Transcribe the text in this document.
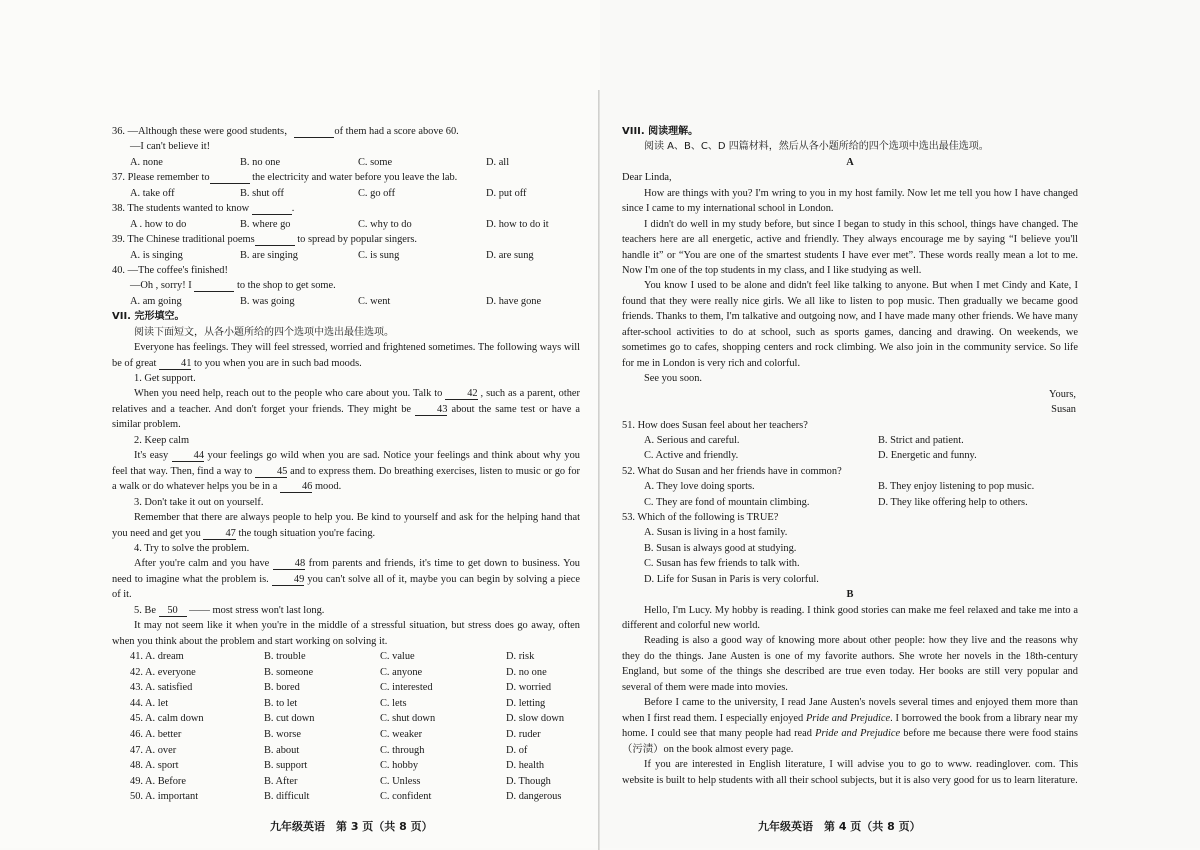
36. —Although these were good students，	of them had a score above 60.
—I can't believe it!
A. none	B. no one	C. some	D. all
37. Please remember to	the electricity and water before you leave the lab.
A. take off	B. shut off	C. go off	D. put off
38. The students wanted to know	.
A . how to do	B. where go	C. why to do	D. how to do it
39. The Chinese traditional poems	to spread by popular singers.
A. is singing	B. are singing	C. is sung	D. are sung
40. —The coffee's finished!
—Oh , sorry! I	to the shop to get some.
A. am going	B. was going	C. went	D. have gone
VII. 完形填空。
阅读下面短文，从各小题所给的四个选项中选出最佳选项。
Everyone has feelings. They will feel stressed, worried and frightened sometimes. The following ways will be of great 41 to you when you are in such bad moods.
1. Get support.
When you need help, reach out to the people who care about you. Talk to 42 , such as a parent, other relatives and a teacher. And don't forget your friends. They might be	43 about the same test or have a similar problem.
2. Keep calm
It's easy 44 your feelings go wild when you are sad. Notice your feelings and think about why you feel that way. Then, find a way to 45 and to express them. Do breathing exercises, listen to music or go for a walk or do whatever helps you be in a 46 mood.
3. Don't take it out on yourself.
Remember that there are always people to help you. Be kind to yourself and ask for the helping hand that you need and get you 47 the tough situation you're facing.
4. Try to solve the problem.
After you're calm and you have 48 from parents and friends, it's time to get down to business. You need to imagine what the problem is. 49 you can't solve all of it, maybe you can begin by solving a piece of it.
5. Be 50 —— most stress won't last long.
It may not seem like it when you're in the middle of a stressful situation, but stress does go away, often when you think about the problem and start working on solving it.
41. A. dream	B. trouble	C. value	D. risk
42. A. everyone	B. someone	C. anyone	D. no one
43. A. satisfied	B. bored	C. interested	D. worried
44. A. let	B. to let	C. lets	D. letting
45. A. calm down	B. cut down	C. shut down	D. slow down
46. A. better	B. worse	C. weaker	D. ruder
47. A. over	B. about	C. through	D. of
48. A. sport	B. support	C. hobby	D. health
49. A. Before	B. After	C. Unless	D. Though
50. A. important	B. difficult	C. confident	D. dangerous
九年级英语　第 3 页（共 8 页）
VIII. 阅读理解。
阅读 A、B、C、D 四篇材料，然后从各小题所给的四个选项中选出最佳选项。
A
Dear Linda,
How are things with you? I'm wring to you in my host family. Now let me tell you how I have changed since I came to my international school in London.
I didn't do well in my study before, but since I began to study in this school, things have changed. The teachers here are all energetic, active and friendly. They always encourage me by saying “I believe you'll handle it” or “You are one of the smartest students I have ever met”. These words really mean a lot to me. Now I'm one of the top students in my class, and I like studying as well.
You know I used to be alone and didn't feel like talking to anyone. But when I met Cindy and Kate, I found that they were really nice girls. We all like to listen to pop music. Then gradually we became good friends. Thanks to them, I'm talkative and outgoing now, and I have made many other friends. We have many after-school activities to do at school, such as sports games, dancing and drawing. On weekends, we sometimes go to cafes, shopping centers and rock climbing. We also join in the community service. So life for me in London is very rich and colorful.
See you soon.
Yours,
Susan
51. How does Susan feel about her teachers?
A. Serious and careful.	B. Strict and patient.
C. Active and friendly.	D. Energetic and funny.
52. What do Susan and her friends have in common?
A. They love doing sports.	B. They enjoy listening to pop music.
C. They are fond of mountain climbing.	D. They like offering help to others.
53. Which of the following is TRUE?
A. Susan is living in a host family.
B. Susan is always good at studying.
C. Susan has few friends to talk with.
D. Life for Susan in Paris is very colorful.
B
Hello, I'm Lucy. My hobby is reading. I think good stories can make me feel relaxed and take me into a different and colorful new world.
Reading is also a good way of knowing more about other people: how they live and the reasons why they do the things. Jane Austen is one of my favorite authors. She wrote her novels in the 18th-century England, but some of the things she described are true even today. Her books are still very popular and several of them were made into movies.
Before I came to the university, I read Jane Austen's novels several times and enjoyed them more than when I first read them. I especially enjoyed Pride and Prejudice. I borrowed the book from a library near my home. I could see that many people had read Pride and Prejudice before me because there were food stains（污渍）on the book almost every page.
If you are interested in English literature, I will advise you to go to www. readinglover. com. This website is built to help students with all their school subjects, but it is also very good for us to learn literature.
九年级英语　第 4 页（共 8 页）
